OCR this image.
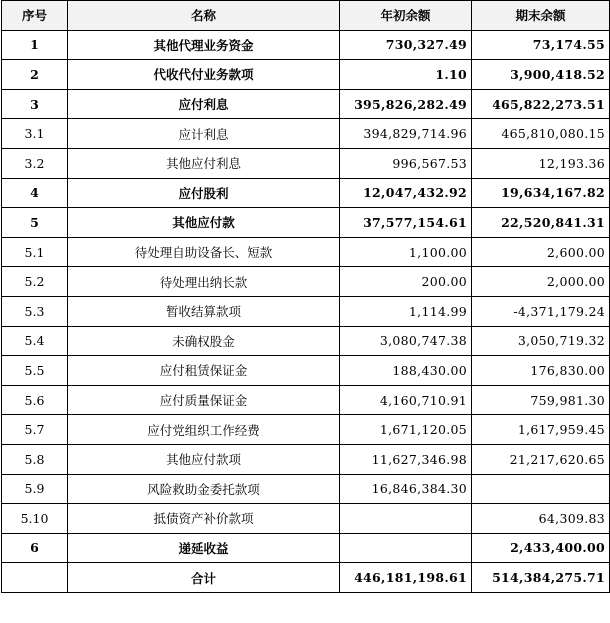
序号	名称	年初余额	期末余额
1	其他代理业务资金	730,327.49	73,174.55
2	代收代付业务款项	1.10	3,900,418.52
3	应付利息	395,826,282.49	465,822,273.51
3.1	应计利息	394,829,714.96	465,810,080.15
3.2	其他应付利息	996,567.53	12,193.36
4	应付股利	12,047,432.92	19,634,167.82
5	其他应付款	37,577,154.61	22,520,841.31
5.1	待处理自助设备长、短款	1,100.00	2,600.00
5.2	待处理出纳长款	200.00	2,000.00
5.3	暂收结算款项	1,114.99	-4,371,179.24
5.4	未确权股金	3,080,747.38	3,050,719.32
5.5	应付租赁保证金	188,430.00	176,830.00
5.6	应付质量保证金	4,160,710.91	759,981.30
5.7	应付党组织工作经费	1,671,120.05	1,617,959.45
5.8	其他应付款项	11,627,346.98	21,217,620.65
5.9	风险救助金委托款项	16,846,384.30	
5.10	抵债资产补价款项		64,309.83
6	递延收益		2,433,400.00
	合计	446,181,198.61	514,384,275.71
